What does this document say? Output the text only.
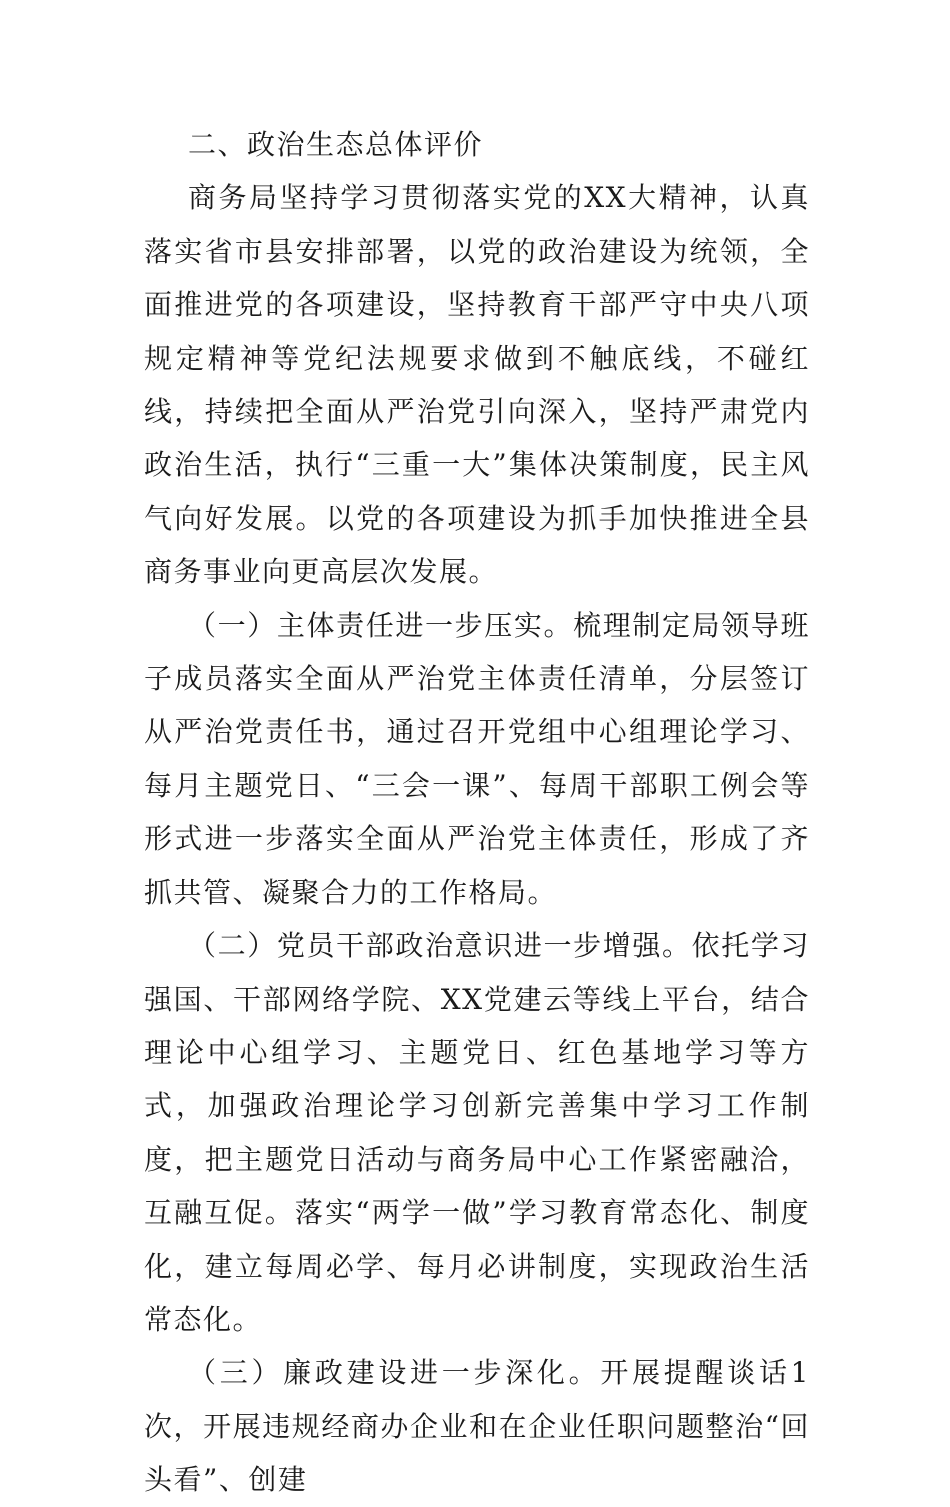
二、政治生态总体评价

商务局坚持学习贯彻落实党的XX大精神，认真落实省市县安排部署，以党的政治建设为统领，全面推进党的各项建设，坚持教育干部严守中央八项规定精神等党纪法规要求做到不触底线，不碰红线，持续把全面从严治党引向深入，坚持严肃党内政治生活，执行“三重一大”集体决策制度，民主风气向好发展。以党的各项建设为抓手加快推进全县商务事业向更高层次发展。

（一）主体责任进一步压实。梳理制定局领导班子成员落实全面从严治党主体责任清单，分层签订从严治党责任书，通过召开党组中心组理论学习、每月主题党日、“三会一课”、每周干部职工例会等形式进一步落实全面从严治党主体责任，形成了齐抓共管、凝聚合力的工作格局。

（二）党员干部政治意识进一步增强。依托学习强国、干部网络学院、XX党建云等线上平台，结合理论中心组学习、主题党日、红色基地学习等方式，加强政治理论学习创新完善集中学习工作制度，把主题党日活动与商务局中心工作紧密融洽，互融互促。落实“两学一做”学习教育常态化、制度化，建立每周必学、每月必讲制度，实现政治生活常态化。

（三）廉政建设进一步深化。开展提醒谈话1次，开展违规经商办企业和在企业任职问题整治“回头看”、创建
